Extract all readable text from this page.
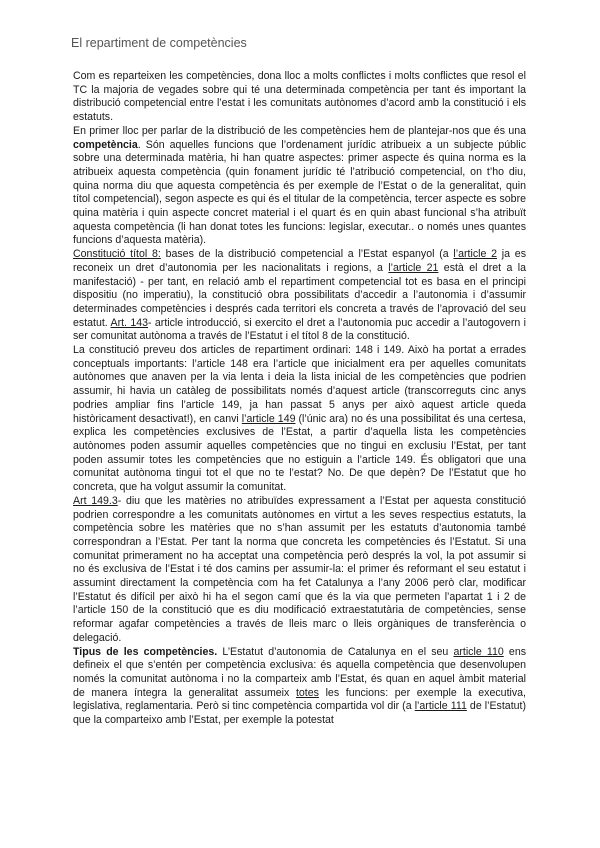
El repartiment de competències

Com es reparteixen les competències, dona lloc a molts conflictes i molts conflictes que resol el TC la majoria de vegades sobre qui té una determinada competència per tant és important la distribució competencial entre l’estat i les comunitats autònomes d’acord amb la constitució i els estatuts.

En primer lloc per parlar de la distribució de les competències hem de plantejar-nos que és una competència. Són aquelles funcions que l’ordenament jurídic atribueix a un subjecte públic sobre una determinada matèria, hi han quatre aspectes: primer aspecte és quina norma es la atribueix aquesta competència (quin fonament jurídic té l’atribució competencial, on t’ho diu, quina norma diu que aquesta competència és per exemple de l’Estat o de la generalitat, quin títol competencial), segon aspecte es qui és el titular de la competència, tercer aspecte es sobre quina matèria i quin aspecte concret material i el quart és en quin abast funcional s’ha atribuït aquesta competència (li han donat totes les funcions: legislar, executar.. o només unes quantes funcions d’aquesta matèria).

Constitució títol 8: bases de la distribució competencial a l’Estat espanyol (a l’article 2 ja es reconeix un dret d’autonomia per les nacionalitats i regions, a l’article 21 està el dret a la manifestació) - per tant, en relació amb el repartiment competencial tot es basa en el principi dispositiu (no imperatiu), la constitució obra possibilitats d’accedir a l’autonomia i d’assumir determinades competències i després cada territori els concreta a través de l’aprovació del seu estatut. Art. 143- article introducció, si exercito el dret a l’autonomia puc accedir a l’autogovern i ser comunitat autònoma a través de l’Estatut i el títol 8 de la constitució.

La constitució preveu dos articles de repartiment ordinari: 148 i 149. Això ha portat a errades conceptuals importants: l’article 148 era l’article que inicialment era per aquelles comunitats autònomes que anaven per la via lenta i deia la lista inicial de les competències que podrien assumir, hi havia un catàleg de possibilitats només d’aquest article (transcorreguts cinc anys podries ampliar fins l’article 149, ja han passat 5 anys per això aquest article queda històricament desactivat!), en canvi l’article 149 (l’únic ara) no és una possibilitat és una certesa, explica les competències exclusives de l’Estat, a partir d’aquella lista les competències autònomes poden assumir aquelles competències que no tingui en exclusiu l’Estat, per tant poden assumir totes les competències que no estiguin a l’article 149. És obligatori que una comunitat autònoma tingui tot el que no te l’estat? No. De que depèn? De l’Estatut que ho concreta, que ha volgut assumir la comunitat.

Art 149.3- diu que les matèries no atribuïdes expressament a l’Estat per aquesta constitució podrien correspondre a les comunitats autònomes en virtut a les seves respectius estatuts, la competència sobre les matèries que no s’han assumit per les estatuts d’autonomia també correspondran a l’Estat. Per tant la norma que concreta les competències és l’Estatut. Si una comunitat primerament no ha acceptat una competència però després la vol, la pot assumir si no és exclusiva de l’Estat i té dos camins per assumir-la: el primer és reformant el seu estatut i assumint directament la competència com ha fet Catalunya a l’any 2006 però clar, modificar l’Estatut és difícil per això hi ha el segon camí que és la via que permeten l’apartat 1 i 2 de l’article 150 de la constitució que es diu modificació extraestatutària de competències, sense reformar agafar competències a través de lleis marc o lleis orgàniques de transferència o delegació.

Tipus de les competències. L’Estatut d’autonomia de Catalunya en el seu article 110 ens defineix el que s’entén per competència exclusiva: és aquella competència que desenvolupen només la comunitat autònoma i no la comparteix amb l’Estat, és quan en aquel àmbit material de manera íntegra la generalitat assumeix totes les funcions: per exemple la executiva, legislativa, reglamentaria. Però si tinc competència compartida vol dir (a l’article 111 de l’Estatut) que la comparteixo amb l’Estat, per exemple la potestat
